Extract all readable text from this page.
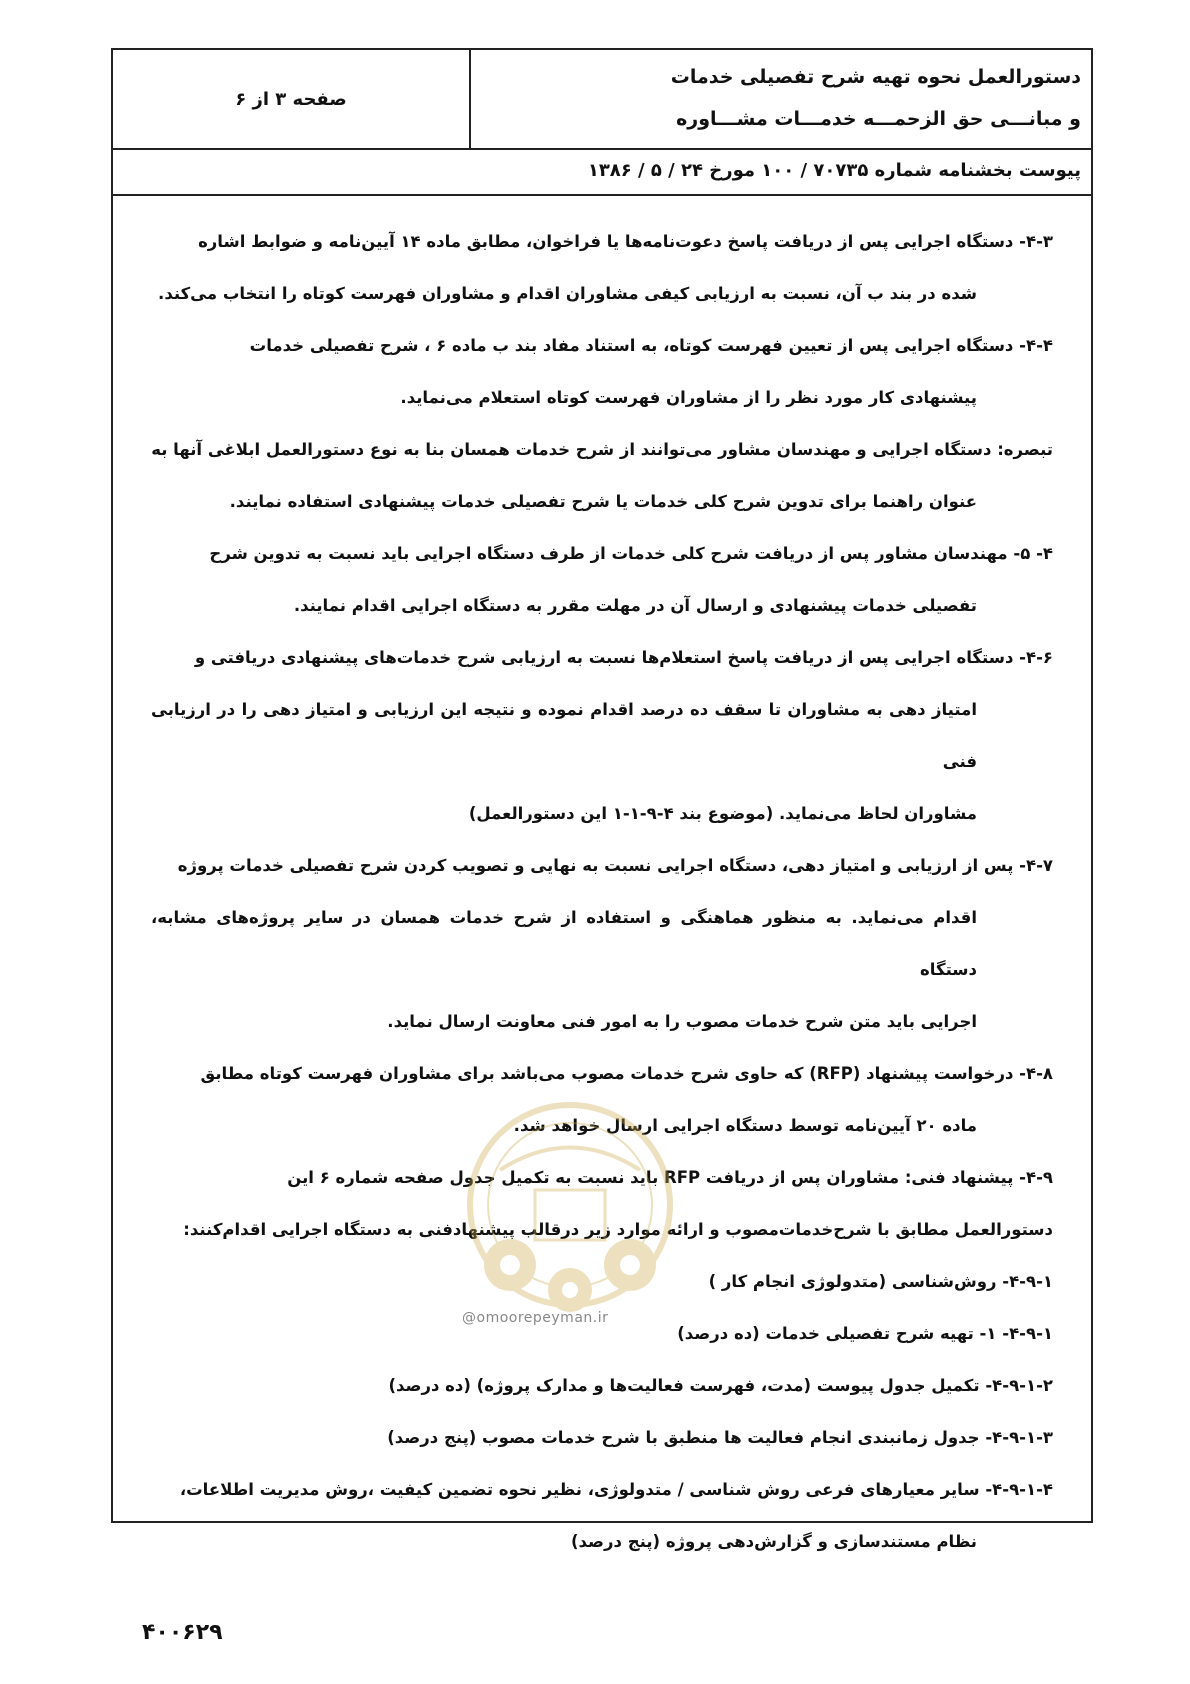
صفحه ۳ از ۶
دستورالعمل نحوه تهیه شرح تفصیلی خدمات
و مبانـــی حق الزحمـــه خدمـــات مشـــاوره
پیوست بخشنامه شماره ۷۰۷۳۵ / ۱۰۰ مورخ ۲۴ / ۵ / ۱۳۸۶
۴-۳- دستگاه اجرایی پس از دریافت پاسخ دعوت‌نامه‌ها یا فراخوان، مطابق ماده ۱۴ آیین‌نامه و ضوابط اشاره
شده در بند ب آن، نسبت به ارزیابی کیفی مشاوران اقدام و مشاوران فهرست کوتاه را انتخاب می‌کند.
۴-۴- دستگاه اجرایی پس از تعیین فهرست کوتاه، به استناد مفاد بند ب ماده ۶ ، شرح تفصیلی خدمات
پیشنهادی کار مورد نظر را از مشاوران فهرست کوتاه استعلام می‌نماید.
تبصره: دستگاه اجرایی و مهندسان مشاور می‌توانند از شرح خدمات همسان بنا به نوع دستورالعمل ابلاغی آنها به
عنوان راهنما برای تدوین شرح کلی خدمات یا شرح تفصیلی خدمات پیشنهادی استفاده نمایند.
۴- ۵- مهندسان مشاور پس از دریافت شرح کلی خدمات از طرف دستگاه اجرایی باید نسبت به تدوین شرح
تفصیلی خدمات پیشنهادی و ارسال آن در مهلت مقرر به دستگاه اجرایی اقدام نمایند.
۴-۶- دستگاه اجرایی پس از دریافت پاسخ استعلام‌ها نسبت به ارزیابی شرح خدمات‌های پیشنهادی دریافتی و
امتیاز دهی به مشاوران تا سقف ده درصد اقدام نموده و نتیجه این ارزیابی و امتیاز دهی را در ارزیابی فنی
مشاوران لحاظ می‌نماید. (موضوع بند ۴-۹-۱-۱ این دستورالعمل)
۴-۷- پس از ارزیابی و امتیاز دهی، دستگاه اجرایی نسبت به نهایی و تصویب کردن شرح تفصیلی خدمات پروژه
اقدام می‌نماید. به منظور هماهنگی و استفاده از شرح خدمات همسان در سایر پروژه‌های مشابه، دستگاه
اجرایی باید متن شرح خدمات مصوب را به امور فنی معاونت ارسال نماید.
۴-۸- درخواست پیشنهاد (RFP) که حاوی شرح خدمات مصوب می‌باشد برای مشاوران فهرست کوتاه مطابق
ماده ۲۰ آیین‌نامه توسط دستگاه اجرایی ارسال خواهد شد.
۴-۹- پیشنهاد فنی: مشاوران پس از دریافت RFP باید نسبت به تکمیل جدول صفحه شماره ۶ این
دستورالعمل مطابق با شرح‌خدمات‌مصوب و ارائه موارد زیر درقالب پیشنهادفنی به دستگاه اجرایی اقدام‌کنند:
۴-۹-۱- روش‌شناسی (متدولوژی انجام کار )
۴-۹-۱- ۱- تهیه شرح تفصیلی خدمات (ده درصد)
۴-۹-۱-۲- تکمیل جدول پیوست (مدت، فهرست فعالیت‌ها و مدارک پروژه) (ده درصد)
۴-۹-۱-۳- جدول زمانبندی انجام فعالیت ها منطبق با شرح خدمات مصوب (پنج درصد)
۴-۹-۱-۴- سایر معیارهای فرعی روش شناسی / متدولوژی، نظیر نحوه تضمین کیفیت ،روش مدیریت اطلاعات،
نظام مستندسازی و گزارش‌دهی پروژه (پنج درصد)
@omoorepeyman.ir
۴۰۰۶۲۹
